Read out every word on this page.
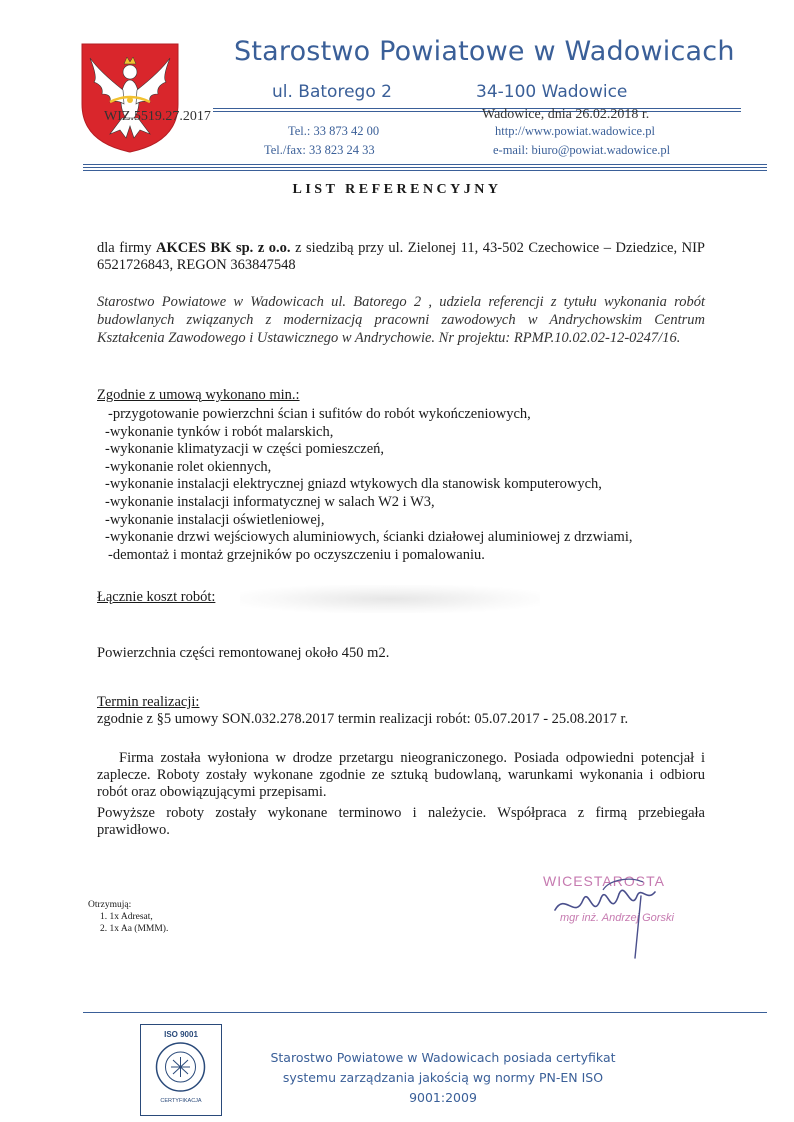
Starostwo Powiatowe w Wadowicach
ul. Batorego 2	34-100 Wadowice
WIZ.5519.27.2017	Wadowice, dnia 26.02.2018 r.
Tel.: 33 873 42 00
Tel./fax: 33 823 24 33
http://www.powiat.wadowice.pl
e-mail: biuro@powiat.wadowice.pl
LIST REFERENCYJNY
dla firmy AKCES BK sp. z o.o. z siedzibą przy ul. Zielonej 11, 43-502 Czechowice – Dziedzice, NIP 6521726843, REGON 363847548
Starostwo Powiatowe w Wadowicach ul. Batorego 2 , udziela referencji z tytułu wykonania robót budowlanych związanych z modernizacją pracowni zawodowych w Andrychowskim Centrum Kształcenia Zawodowego i Ustawicznego w Andrychowie. Nr projektu: RPMP.10.02.02-12-0247/16.
Zgodnie z umową wykonano min.:
-przygotowanie powierzchni ścian i sufitów do robót wykończeniowych,
-wykonanie tynków i robót malarskich,
-wykonanie klimatyzacji w części pomieszczeń,
-wykonanie rolet okiennych,
-wykonanie instalacji elektrycznej gniazd wtykowych dla stanowisk komputerowych,
-wykonanie instalacji informatycznej w salach W2 i W3,
-wykonanie instalacji oświetleniowej,
-wykonanie drzwi wejściowych aluminiowych, ścianki działowej aluminiowej z drzwiami,
-demontaż i montaż grzejników po oczyszczeniu i pomalowaniu.
Łącznie koszt robót:
Powierzchnia części remontowanej około 450 m2.
Termin realizacji:
zgodnie z §5 umowy SON.032.278.2017 termin realizacji robót: 05.07.2017 - 25.08.2017 r.
Firma została wyłoniona w drodze przetargu nieograniczonego. Posiada odpowiedni potencjał i zaplecze. Roboty zostały wykonane zgodnie ze sztuką budowlaną, warunkami wykonania i odbioru robót oraz obowiązującymi przepisami.
Powyższe roboty zostały wykonane terminowo i należycie. Współpraca z firmą przebiegała prawidłowo.
Otrzymują:
1. 1x Adresat,
2. 1x Aa (MMM).
WICESTAROSTA
mgr inż. Andrzej Gorski
ISO 9001
CERTYFIKACJA
Starostwo Powiatowe w Wadowicach posiada certyfikat
systemu zarządzania jakością wg normy PN-EN ISO 9001:2009
